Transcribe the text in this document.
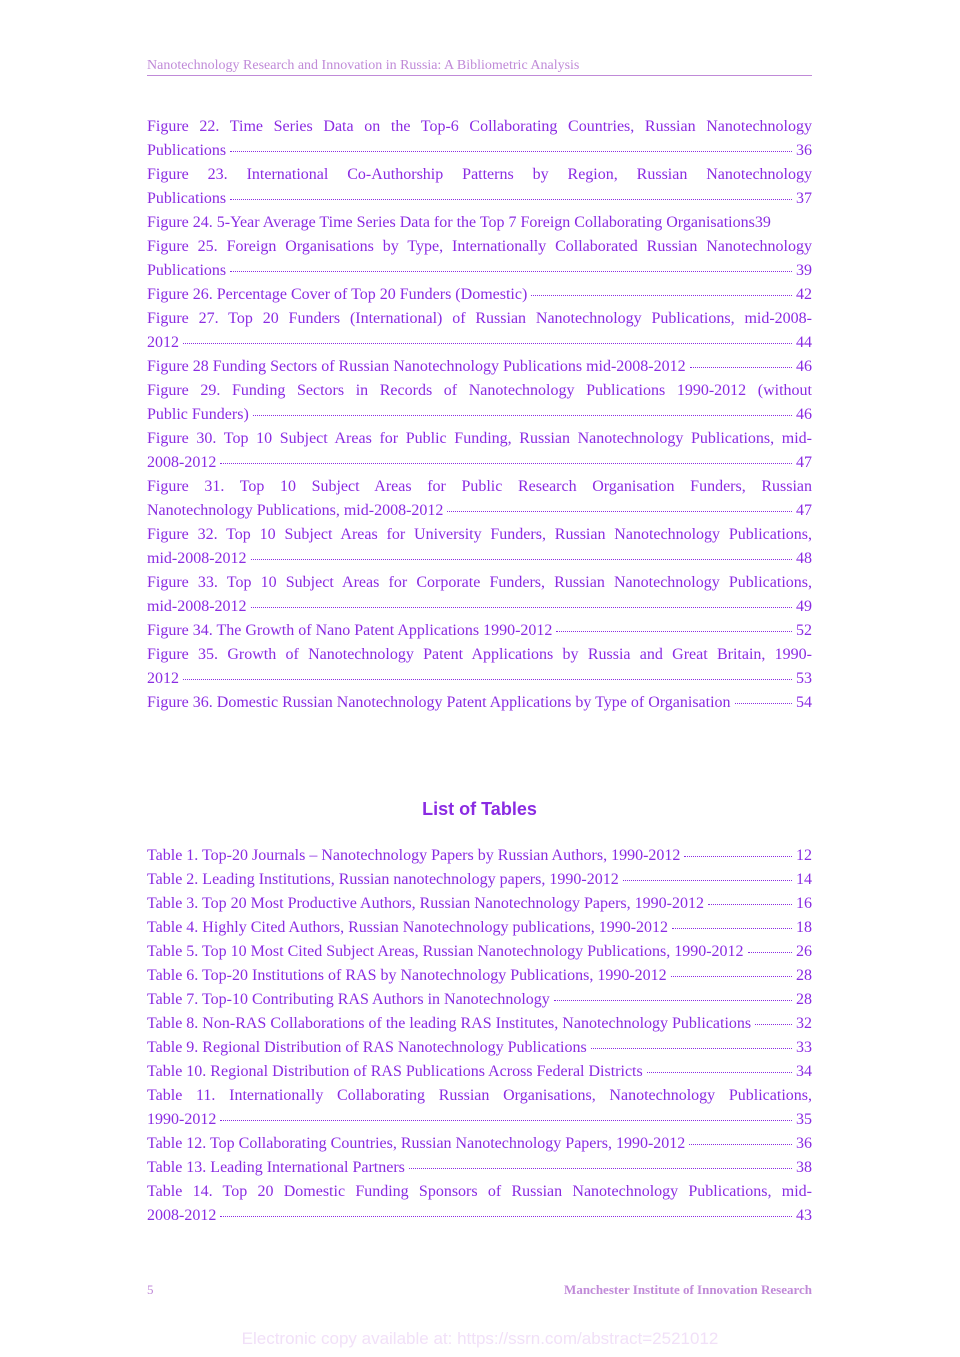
Nanotechnology Research and Innovation in Russia: A Bibliometric Analysis
Figure 22. Time Series Data on the Top-6 Collaborating Countries, Russian Nanotechnology
Publications	36
Figure 23. International Co-Authorship Patterns by Region, Russian Nanotechnology
Publications	37
Figure 24. 5-Year Average Time Series Data for the Top 7 Foreign Collaborating Organisations 39
Figure 25. Foreign Organisations by Type, Internationally Collaborated Russian Nanotechnology
Publications	39
Figure 26. Percentage Cover of Top 20 Funders (Domestic)	42
Figure 27. Top 20 Funders (International) of Russian Nanotechnology Publications, mid-2008-
2012	44
Figure 28 Funding Sectors of Russian Nanotechnology Publications mid-2008-2012	46
Figure 29. Funding Sectors in Records of Nanotechnology Publications 1990-2012 (without
Public Funders)	46
Figure 30. Top 10 Subject Areas for Public Funding, Russian Nanotechnology Publications, mid-
2008-2012	47
Figure 31. Top 10 Subject Areas for Public Research Organisation Funders, Russian
Nanotechnology Publications, mid-2008-2012	47
Figure 32. Top 10 Subject Areas for University Funders, Russian Nanotechnology Publications,
mid-2008-2012	48
Figure 33. Top 10 Subject Areas for Corporate Funders, Russian Nanotechnology Publications,
mid-2008-2012	49
Figure 34. The Growth of Nano Patent Applications 1990-2012	52
Figure 35. Growth of Nanotechnology Patent Applications by Russia and Great Britain, 1990-
2012	53
Figure 36. Domestic Russian Nanotechnology Patent Applications by Type of Organisation	54
List of Tables
Table 1. Top-20 Journals – Nanotechnology Papers by Russian Authors, 1990-2012	12
Table 2. Leading Institutions, Russian nanotechnology papers, 1990-2012	14
Table 3. Top 20 Most Productive Authors, Russian Nanotechnology Papers, 1990-2012	16
Table 4. Highly Cited Authors, Russian Nanotechnology publications, 1990-2012	18
Table 5. Top 10 Most Cited Subject Areas, Russian Nanotechnology Publications, 1990-2012	26
Table 6. Top-20 Institutions of RAS by Nanotechnology Publications, 1990-2012	28
Table 7. Top-10 Contributing RAS Authors in Nanotechnology	28
Table 8. Non-RAS Collaborations of the leading RAS Institutes, Nanotechnology Publications	32
Table 9. Regional Distribution of RAS Nanotechnology Publications	33
Table 10. Regional Distribution of RAS Publications Across Federal Districts	34
Table 11. Internationally Collaborating Russian Organisations, Nanotechnology Publications,
1990-2012	35
Table 12. Top Collaborating Countries, Russian Nanotechnology Papers, 1990-2012	36
Table 13. Leading International Partners	38
Table 14. Top 20 Domestic Funding Sponsors of Russian Nanotechnology Publications, mid-
2008-2012	43
5	Manchester Institute of Innovation Research
Electronic copy available at: https://ssrn.com/abstract=2521012
